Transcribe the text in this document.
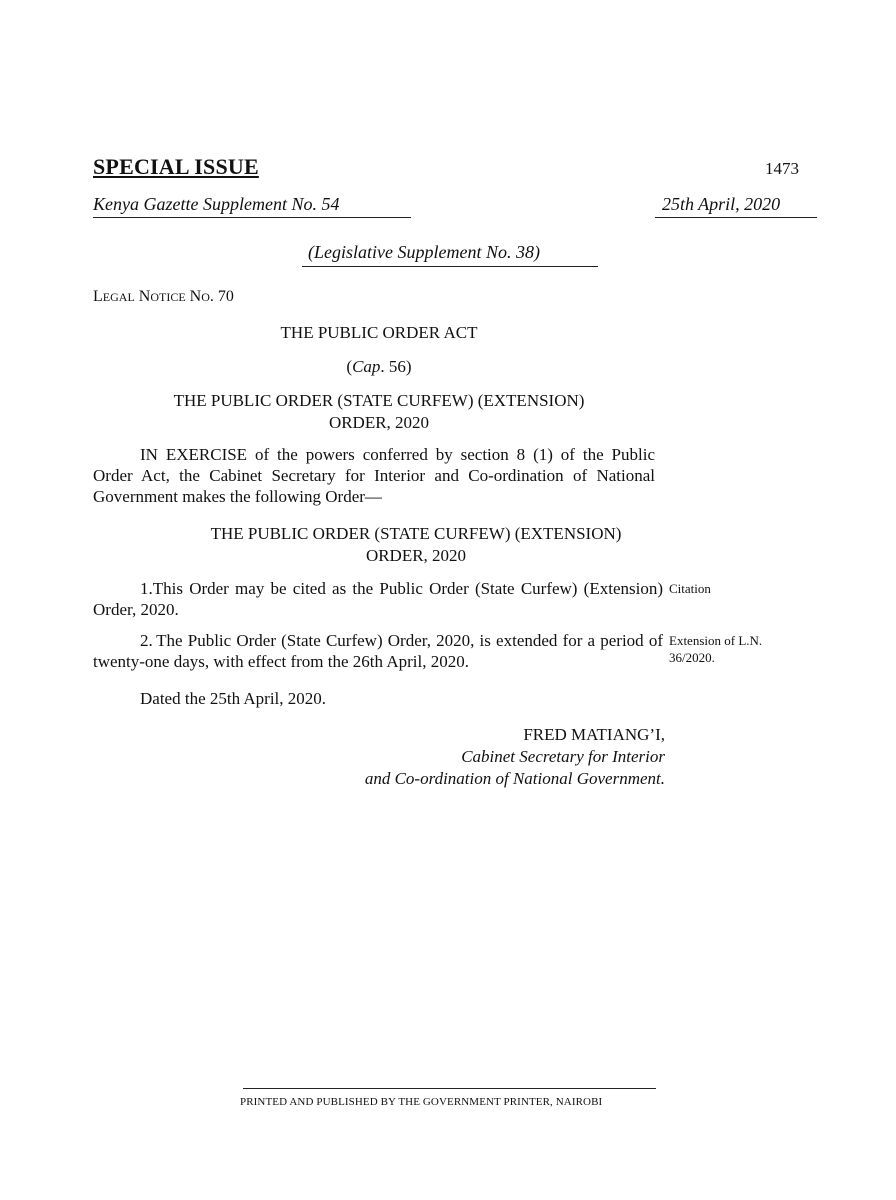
SPECIAL ISSUE	1473
Kenya Gazette Supplement No. 54	25th April, 2020
(Legislative Supplement No. 38)
LEGAL NOTICE NO. 70
THE PUBLIC ORDER ACT
(Cap. 56)
THE PUBLIC ORDER (STATE CURFEW) (EXTENSION)
ORDER, 2020
IN EXERCISE of the powers conferred by section 8 (1) of the Public Order Act, the Cabinet Secretary for Interior and Co-ordination of National Government makes the following Order—
THE PUBLIC ORDER (STATE CURFEW) (EXTENSION)
ORDER, 2020
1.This Order may be cited as the Public Order (State Curfew) (Extension) Order, 2020.
Citation
2. The Public Order (State Curfew) Order, 2020, is extended for a period of twenty-one days, with effect from the 26th April, 2020.
Extension of L.N.
36/2020.
Dated the 25th April, 2020.
FRED MATIANG’I,
Cabinet Secretary for Interior
and Co-ordination of National Government.
PRINTED AND PUBLISHED BY THE GOVERNMENT PRINTER, NAIROBI
